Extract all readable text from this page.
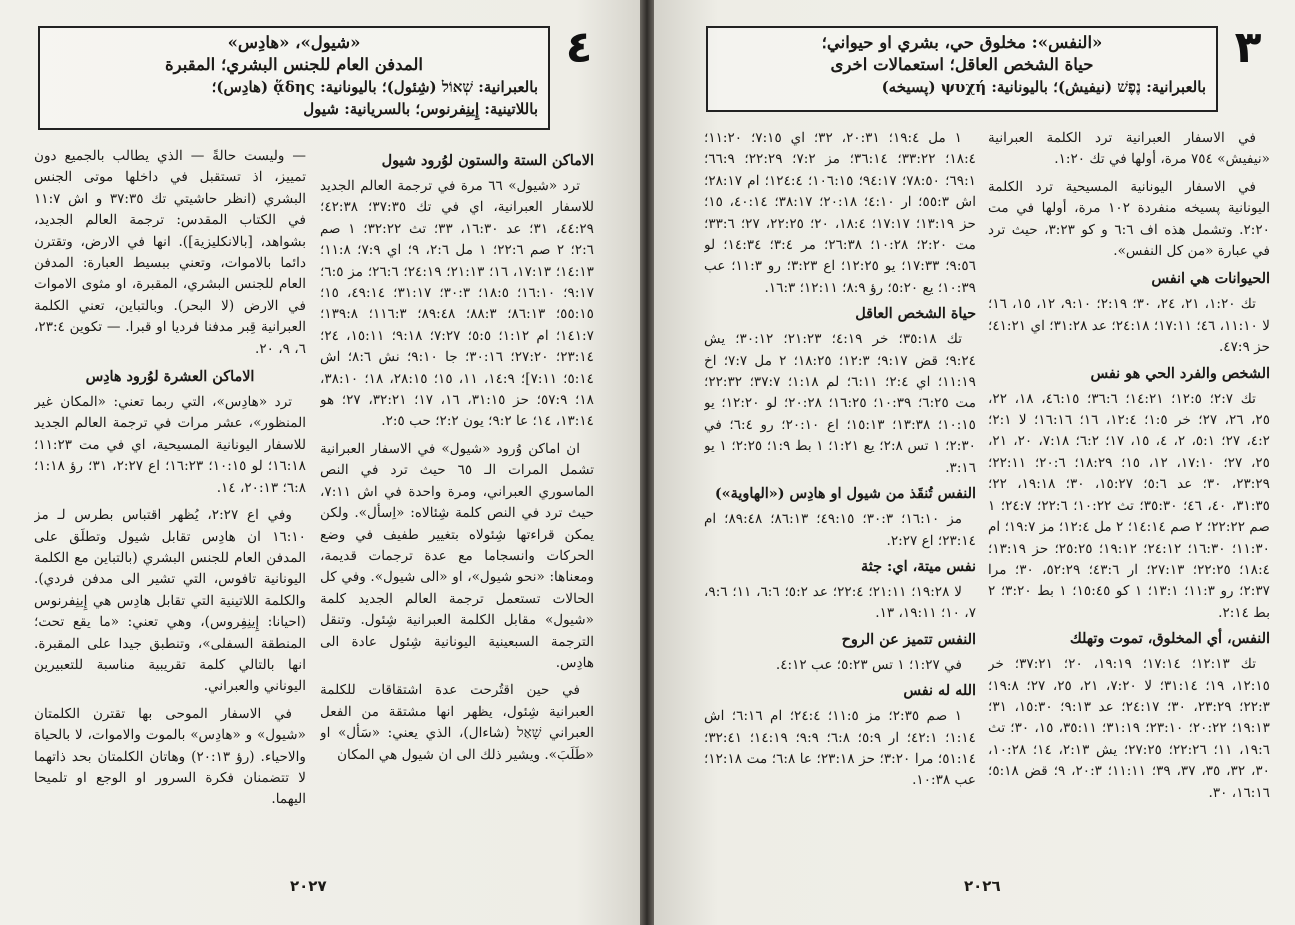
«شيول»، «هادِس»
المدفن العام للجنس البشري؛ المقبرة
بالعبرانية: שְׁאוֹל (شِئول)؛ باليونانية: ᾅδης (هادِس)؛
باللاتينية: إِينِفرنوس؛ بالسريانية: شيول
٤
الاماكن الستة والستون لوُرود شيول

ترد «شيول» ٦٦ مرة في ترجمة العالم الجديد للاسفار العبرانية، اي في تك ٣٧:٣٥؛ ٤٢:٣٨؛ ٤٤:٢٩، ٣١؛ عد ١٦:٣٠، ٣٣؛ تث ٣٢:٢٢؛ ١ صم ٢:٦؛ ٢ صم ٢٢:٦؛ ١ مل ٢:٦، ٩؛ اي ٧:٩؛ ١١:٨؛ ١٤:١٣؛ ١٧:١٣، ١٦؛ ٢١:١٣؛ ٢٤:١٩؛ ٢٦:٦؛ مز ٦:٥؛ ٩:١٧؛ ١٦:١٠؛ ١٨:٥؛ ٣٠:٣؛ ٣١:١٧؛ ٤٩:١٤، ١٥؛ ٥٥:١٥؛ ٨٦:١٣؛ ٨٨:٣؛ ٨٩:٤٨؛ ١١٦:٣؛ ١٣٩:٨؛ ١٤١:٧؛ ام ١:١٢؛ ٥:٥؛ ٧:٢٧؛ ٩:١٨؛ ١٥:١١، ٢٤؛ ٢٣:١٤؛ ٢٧:٢٠؛ ٣٠:١٦؛ جا ٩:١٠؛ نش ٨:٦؛ اش ٥:١٤؛ ٧:١١]؛ ١٤:٩، ١١، ١٥؛ ٢٨:١٥، ١٨؛ ٣٨:١٠، ١٨؛ ٥٧:٩؛ حز ٣١:١٥، ١٦، ١٧؛ ٣٢:٢١، ٢٧؛ هو ١٣:١٤، ١٤؛ عا ٩:٢؛ يون ٢:٢؛ حب ٢:٥.

ان اماكن وُرود «شيول» في الاسفار العبرانية تشمل المرات الـ ٦٥ حيث ترد في النص الماسوري العبراني، ومرة واحدة في اش ٧:١١، حيث ترد في النص كلمة شِئالاه: «اِسأل». ولكن يمكن قراءتها شِئولاه بتغيير طفيف في وضع الحركات وانسجاما مع عدة ترجمات قديمة، ومعناها: «نحو شيول»، او «الى شيول». وفي كل الحالات تستعمل ترجمة العالم الجديد كلمة «شيول» مقابل الكلمة العبرانية شِئول. وتنقل الترجمة السبعينية اليونانية شِئول عادة الى هادِس.

في حين اقتُرحت عدة اشتقاقات للكلمة العبرانية شِئول، يظهر انها مشتقة من الفعل العبراني שָׁאַל (شاءال)، الذي يعني: «سَأل» او «طَلَبَ». ويشير ذلك الى ان شيول هي المكان

— وليست حالةً — الذي يطالب بالجميع دون تمييز، اذ تستقبل في داخلها موتى الجنس البشري (انظر حاشيتي تك ٣٧:٣٥ و اش ١١:٧ في الكتاب المقدس: ترجمة العالم الجديد، بشواهد، [بالانكليزية]). انها في الارض، وتقترن دائما بالاموات، وتعني ببسيط العبارة: المدفن العام للجنس البشري، المقبرة، او مثوى الاموات في الارض (لا البحر). وبالتباين، تعني الكلمة العبرانية قِبر مدفنا فرديا او قبرا. — تكوين ٢٣:٤، ٦، ٩، ٢٠.

الاماكن العشرة لوُرود هادِس

ترد «هادِس»، التي ربما تعني: «المكان غير المنظور»، عشر مرات في ترجمة العالم الجديد للاسفار اليونانية المسيحية، اي في مت ١١:٢٣؛ ١٦:١٨؛ لو ١٠:١٥؛ ١٦:٢٣؛ اع ٢:٢٧، ٣١؛ رؤ ١:١٨؛ ٦:٨؛ ٢٠:١٣، ١٤.

وفي اع ٢:٢٧، يُظهر اقتباس بطرس لـ مز ١٦:١٠ ان هادِس تقابل شيول وتطلَق على المدفن العام للجنس البشري (بالتباين مع الكلمة اليونانية تافوس، التي تشير الى مدفن فردي). والكلمة اللاتينية التي تقابل هادِس هي إِينِفرنوس (احيانا: إِينِفِروس)، وهي تعني: «ما يقع تحت؛ المنطقة السفلى»، وتنطبق جيدا على المقبرة. انها بالتالي كلمة تقريبية مناسبة للتعبيرين اليوناني والعبراني.

في الاسفار الموحى بها تقترن الكلمتان «شيول» و «هادِس» بالموت والاموات، لا بالحياة والاحياء. (رؤ ٢٠:١٣) وهاتان الكلمتان بحد ذاتهما لا تتضمنان فكرة السرور او الوجع او تلميحا اليهما.

٢٠٢٧
«النفس»: مخلوق حي، بشري او حيواني؛
حياة الشخص العاقل؛ استعمالات اخرى
بالعبرانية: נֶפֶשׁ (نيفيش)؛ باليونانية: ψυχή (پسيخه)
٣

في الاسفار العبرانية ترد الكلمة العبرانية «نيفيش» ٧٥٤ مرة، أولها في تك ١:٢٠.

في الاسفار اليونانية المسيحية ترد الكلمة اليونانية پسيخه منفردة ١٠٢ مرة، أولها في مت ٢:٢٠. وتشمل هذه اف ٦:٦ و كو ٣:٢٣، حيث ترد في عبارة «من كل النفس».

الحيوانات هي انفس

تك ١:٢٠، ٢١، ٢٤، ٣٠؛ ٢:١٩؛ ٩:١٠، ١٢، ١٥، ١٦؛ لا ١١:١٠، ٤٦؛ ١٧:١١؛ ٢٤:١٨؛ عد ٣١:٢٨؛ اي ٤١:٢١؛ حز ٤٧:٩.

الشخص والفرد الحي هو نفس

تك ٢:٧؛ ١٢:٥؛ ١٤:٢١؛ ٣٦:٦؛ ٤٦:١٥، ١٨، ٢٢، ٢٥، ٢٦، ٢٧؛ خر ١:٥؛ ١٢:٤، ١٦؛ ١٦:١٦؛ لا ٢:١؛ ٤:٢، ٢٧؛ ٥:١، ٢، ٤، ١٥، ١٧؛ ٦:٢؛ ٧:١٨، ٢٠، ٢١، ٢٥، ٢٧؛ ١٧:١٠، ١٢، ١٥؛ ١٨:٢٩؛ ٢٠:٦؛ ٢٢:١١؛ ٢٣:٢٩، ٣٠؛ عد ٥:٦؛ ١٥:٢٧، ٣٠؛ ١٩:١٨، ٢٢؛ ٣١:٣٥، ٤٠، ٤٦؛ ٣٥:٣٠؛ تث ١٠:٢٢؛ ٢٢:٦؛ ٢٤:٧؛ ١ صم ٢٢:٢٢؛ ٢ صم ١٤:١٤؛ ٢ مل ١٢:٤؛ مز ١٩:٧؛ ام ١١:٣٠؛ ١٦:٣٠؛ ٢٤:١٢؛ ١٩:١٢؛ ٢٥:٢٥؛ حز ١٣:١٩؛ ١٨:٤؛ ٢٢:٢٥؛ ٢٧:١٣؛ ار ٤٣:٦؛ ٥٢:٢٩، ٣٠؛ مرا ٢:٣٧؛ رو ١١:٣؛ ١٣:١؛ ١ كو ١٥:٤٥؛ ١ بط ٣:٢٠؛ ٢ بط ٢:١٤.

النفس، أي المخلوق، تموت وتهلك

تك ١٢:١٣؛ ١٧:١٤؛ ١٩:١٩، ٢٠؛ ٣٧:٢١؛ خر ١٢:١٥، ١٩؛ ٣١:١٤؛ لا ٧:٢٠، ٢١، ٢٥، ٢٧؛ ١٩:٨؛ ٢٢:٣؛ ٢٣:٢٩، ٣٠؛ ٢٤:١٧؛ عد ٩:١٣؛ ١٥:٣٠، ٣١؛ ١٩:١٣؛ ٢٠:٢٢؛ ٢٣:١٠؛ ٣١:١٩؛ ٣٥:١١، ١٥، ٣٠؛ تث ١٩:٦، ١١؛ ٢٢:٢٦؛ ٢٧:٢٥؛ يش ٢:١٣، ١٤؛ ١٠:٢٨، ٣٠، ٣٢، ٣٥، ٣٧، ٣٩؛ ١١:١١؛ ٢٠:٣، ٩؛ قض ٥:١٨؛ ١٦:١٦، ٣٠.

١ مل ١٩:٤؛ ٢٠:٣١، ٣٢؛ اي ٧:١٥؛ ١١:٢٠؛ ١٨:٤؛ ٣٣:٢٢؛ ٣٦:١٤؛ مز ٧:٢؛ ٢٢:٢٩؛ ٦٦:٩؛ ٦٩:١؛ ٧٨:٥٠؛ ٩٤:١٧؛ ١٠٦:١٥؛ ١٢٤:٤؛ ام ٢٨:١٧؛ اش ٥٥:٣؛ ار ٤:١٠؛ ٢٠:١٨؛ ٣٨:١٧؛ ٤٠:١٤، ١٥؛ حز ١٣:١٩؛ ١٧:١٧؛ ١٨:٤، ٢٠؛ ٢٢:٢٥، ٢٧؛ ٣٣:٦؛ مت ٢:٢٠؛ ١٠:٢٨؛ ٢٦:٣٨؛ مر ٣:٤؛ ١٤:٣٤؛ لو ٩:٥٦؛ ١٧:٣٣؛ يو ١٢:٢٥؛ اع ٣:٢٣؛ رو ١١:٣؛ عب ١٠:٣٩؛ يع ٥:٢٠؛ رؤ ٨:٩؛ ١٢:١١؛ ١٦:٣.

حياة الشخص العاقل

تك ٣٥:١٨؛ خر ٤:١٩؛ ٢١:٢٣؛ ٣٠:١٢؛ يش ٩:٢٤؛ قض ٩:١٧؛ ١٢:٣؛ ١٨:٢٥؛ ٢ مل ٧:٧؛ اخ ١١:١٩؛ اي ٢:٤؛ ٦:١١؛ لم ١:١٨؛ ٣٧:٧؛ ٢٢:٣٢؛ مت ٦:٢٥؛ ١٠:٣٩؛ ١٦:٢٥؛ ٢٠:٢٨؛ لو ١٢:٢٠؛ يو ١٠:١٥؛ ١٣:٣٨؛ ١٥:١٣؛ اع ٢٠:١٠؛ رو ٦:٤؛ في ٢:٣٠؛ ١ تس ٢:٨؛ يع ١:٢١؛ ١ بط ١:٩؛ ٢:٢٥؛ ١ يو ٣:١٦.

النفس تُنقَذ من شيول او هادِس («الهاوية»)

مز ١٦:١٠؛ ٣٠:٣؛ ٤٩:١٥؛ ٨٦:١٣؛ ٨٩:٤٨؛ ام ٢٣:١٤؛ اع ٢:٢٧.

نفس ميتة، اي: جثة

لا ١٩:٢٨؛ ٢١:١١؛ ٢٢:٤؛ عد ٥:٢؛ ٦:٦، ١١؛ ٩:٦، ٧، ١٠؛ ١٩:١١، ١٣.

النفس تتميز عن الروح

في ١:٢٧؛ ١ تس ٥:٢٣؛ عب ٤:١٢.

الله له نفس

١ صم ٢:٣٥؛ مز ١١:٥؛ ٢٤:٤؛ ام ٦:١٦؛ اش ١:١٤؛ ٤٢:١؛ ار ٥:٩؛ ٦:٨؛ ٩:٩؛ ١٤:١٩؛ ٣٢:٤١؛ ٥١:١٤؛ مرا ٣:٢٠؛ حز ٢٣:١٨؛ عا ٦:٨؛ مت ١٢:١٨؛ عب ١٠:٣٨.

٢٠٢٦
